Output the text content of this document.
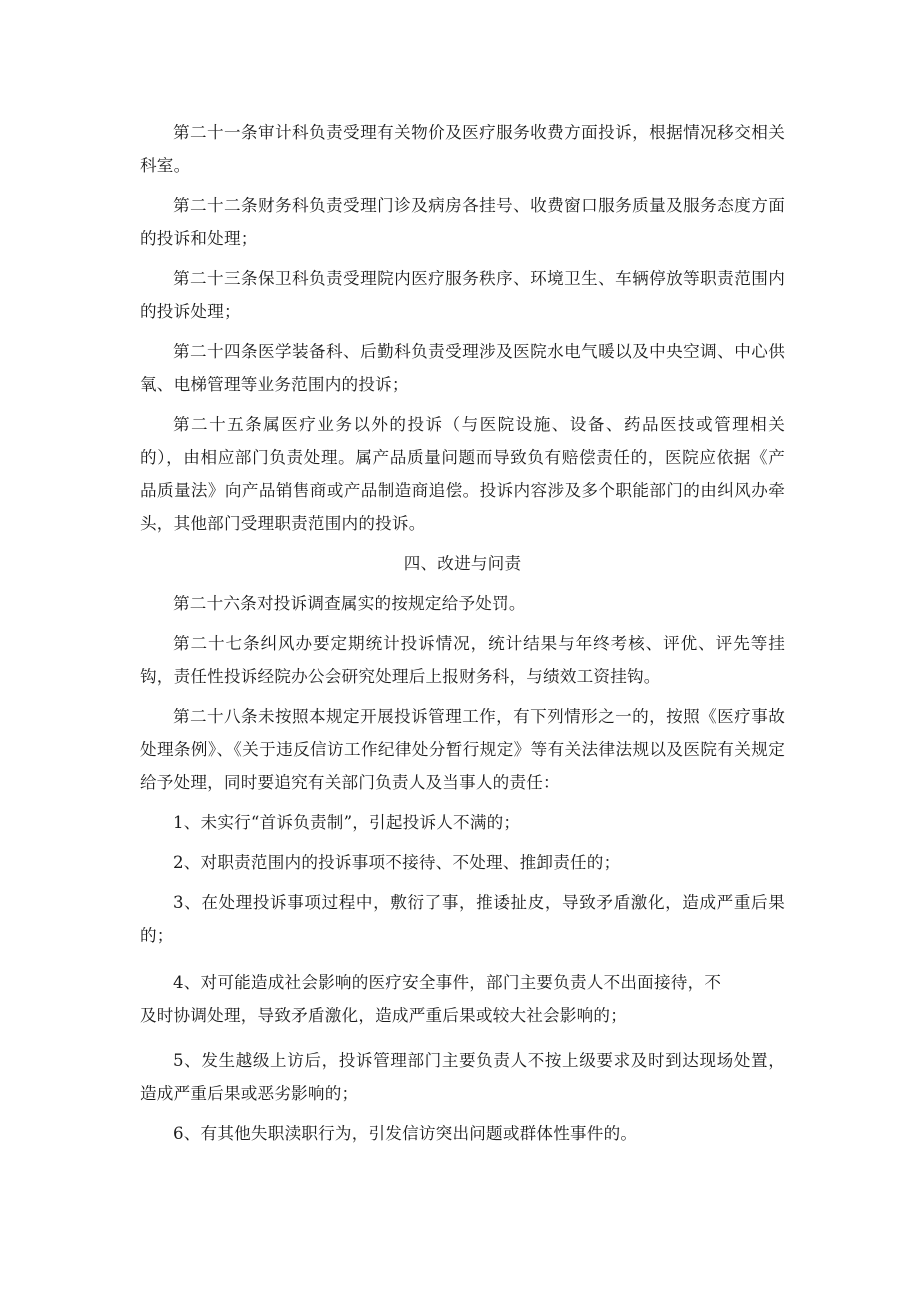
第二十一条审计科负责受理有关物价及医疗服务收费方面投诉，根据情况移交相关科室。

第二十二条财务科负责受理门诊及病房各挂号、收费窗口服务质量及服务态度方面的投诉和处理；

第二十三条保卫科负责受理院内医疗服务秩序、环境卫生、车辆停放等职责范围内的投诉处理；

第二十四条医学装备科、后勤科负责受理涉及医院水电气暖以及中央空调、中心供氧、电梯管理等业务范围内的投诉；

第二十五条属医疗业务以外的投诉（与医院设施、设备、药品医技或管理相关的），由相应部门负责处理。属产品质量问题而导致负有赔偿责任的，医院应依据《产品质量法》向产品销售商或产品制造商追偿。投诉内容涉及多个职能部门的由纠风办牵头，其他部门受理职责范围内的投诉。

四、改进与问责

第二十六条对投诉调查属实的按规定给予处罚。

第二十七条纠风办要定期统计投诉情况，统计结果与年终考核、评优、评先等挂钩，责任性投诉经院办公会研究处理后上报财务科，与绩效工资挂钩。

第二十八条未按照本规定开展投诉管理工作，有下列情形之一的，按照《医疗事故处理条例》、《关于违反信访工作纪律处分暂行规定》等有关法律法规以及医院有关规定给予处理，同时要追究有关部门负责人及当事人的责任：

1、未实行“首诉负责制”，引起投诉人不满的；

2、对职责范围内的投诉事项不接待、不处理、推卸责任的；

3、在处理投诉事项过程中，敷衍了事，推诿扯皮，导致矛盾激化，造成严重后果的；

4、对可能造成社会影响的医疗安全事件，部门主要负责人不出面接待，不

及时协调处理，导致矛盾激化，造成严重后果或较大社会影响的；

5、发生越级上访后，投诉管理部门主要负责人不按上级要求及时到达现场处置，造成严重后果或恶劣影响的；

6、有其他失职渎职行为，引发信访突出问题或群体性事件的。
